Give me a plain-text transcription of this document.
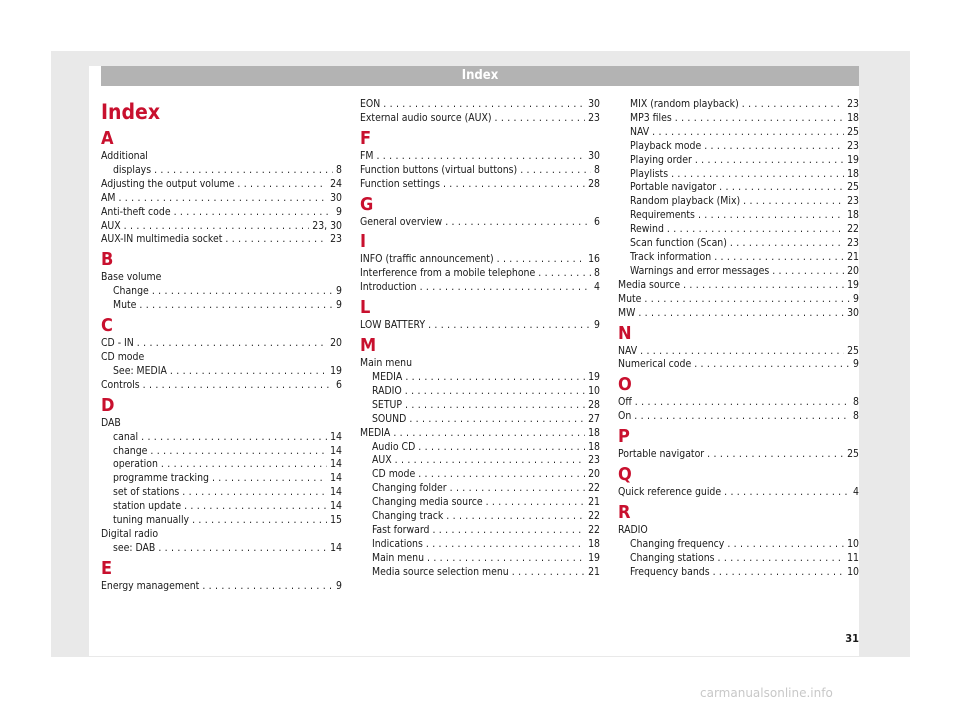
Index
Index
A
Additional
displays . . .	8
Adjusting the output volume . . .	24
AM . . .	30
Anti-theft code . . .	9
AUX . . .	23, 30
AUX-IN multimedia socket . . .	23
B
Base volume
Change . . .	9
Mute . . .	9
C
CD - IN . . .	20
CD mode
See: MEDIA . . .	19
Controls . . .	6
D
DAB
canal . . .	14
change . . .	14
operation . . .	14
programme tracking . . .	14
set of stations . . .	14
station update . . .	14
tuning manually . . .	15
Digital radio
see: DAB . . .	14
E
Energy management . . .	9
EON . . .	30
External audio source (AUX) . . .	23
F
FM . . .	30
Function buttons (virtual buttons) . . .	8
Function settings . . .	28
G
General overview . . .	6
I
INFO (traffic announcement) . . .	16
Interference from a mobile telephone . . .	8
Introduction . . .	4
L
LOW BATTERY . . .	9
M
Main menu
MEDIA . . .	19
RADIO . . .	10
SETUP . . .	28
SOUND . . .	27
MEDIA . . .	18
Audio CD . . .	18
AUX . . .	23
CD mode . . .	20
Changing folder . . .	22
Changing media source . . .	21
Changing track . . .	22
Fast forward . . .	22
Indications . . .	18
Main menu . . .	19
Media source selection menu . . .	21
MIX (random playback) . . .	23
MP3 files . . .	18
NAV . . .	25
Playback mode . . .	23
Playing order . . .	19
Playlists . . .	18
Portable navigator . . .	25
Random playback (Mix) . . .	23
Requirements . . .	18
Rewind . . .	22
Scan function (Scan) . . .	23
Track information . . .	21
Warnings and error messages . . .	20
Media source . . .	19
Mute . . .	9
MW . . .	30
N
NAV . . .	25
Numerical code . . .	9
O
Off . . .	8
On . . .	8
P
Portable navigator . . .	25
Q
Quick reference guide . . .	4
R
RADIO
Changing frequency . . .	10
Changing stations . . .	11
Frequency bands . . .	10
31
carmanualsonline.info
